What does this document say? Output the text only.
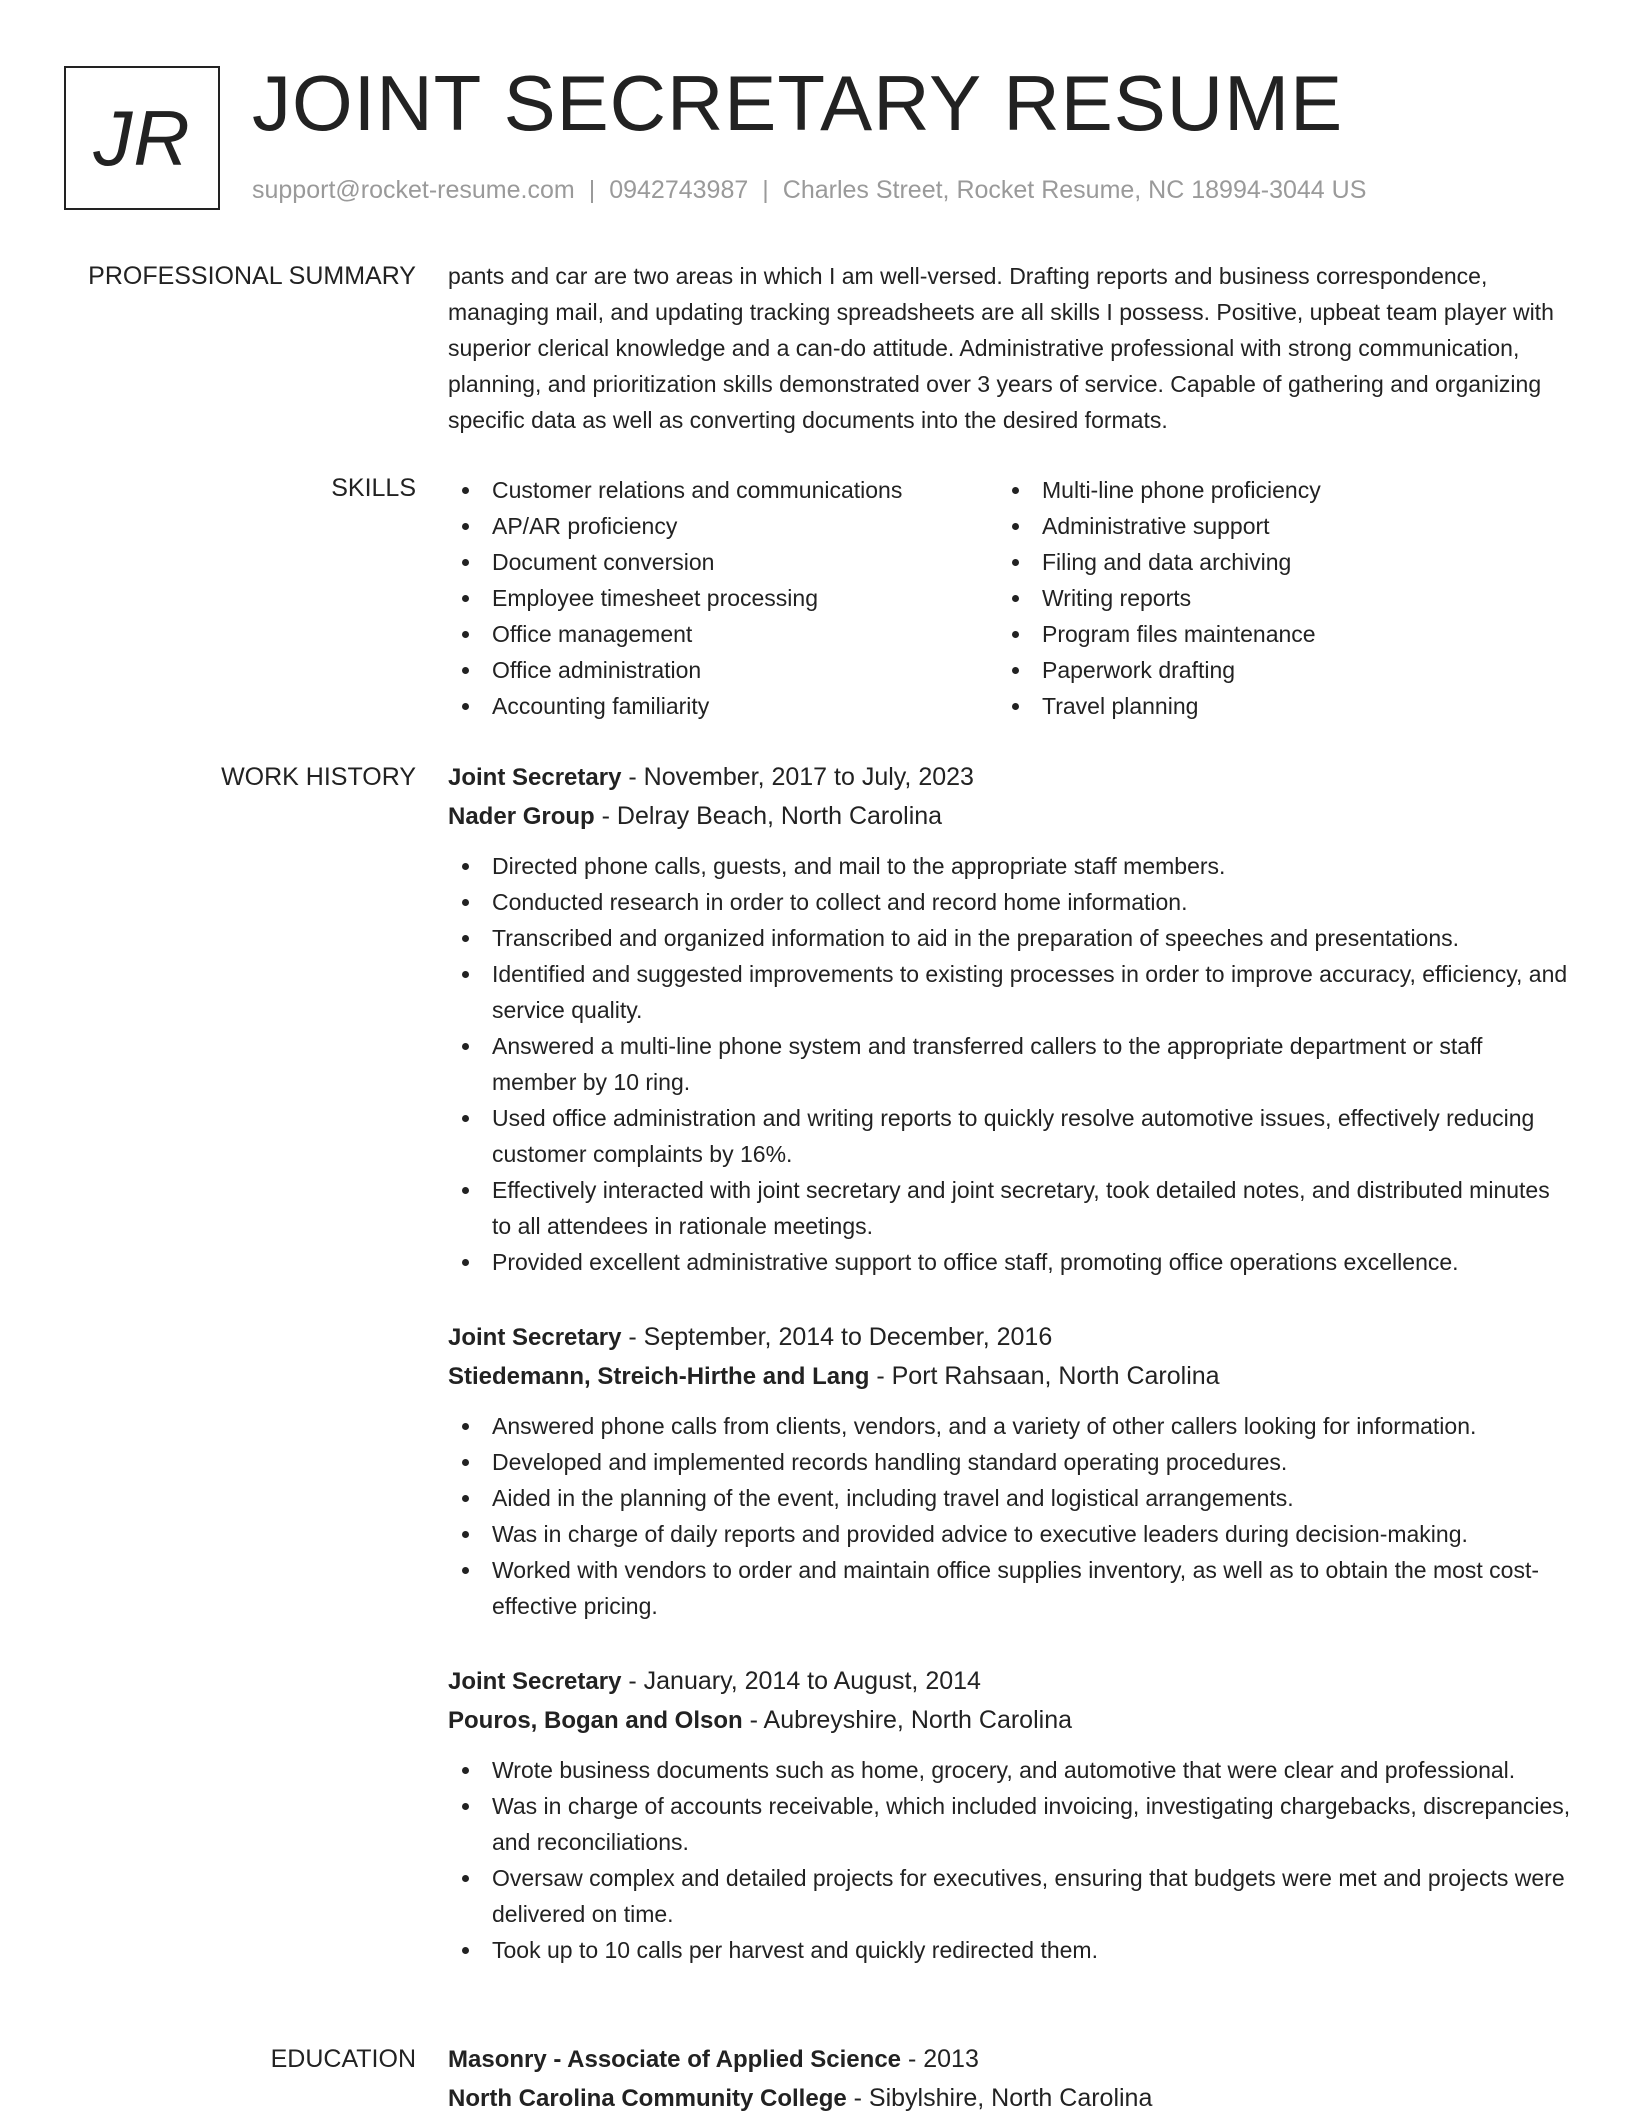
JR JOINT SECRETARY RESUME
support@rocket-resume.com | 0942743987 | Charles Street, Rocket Resume, NC 18994-3044 US
PROFESSIONAL SUMMARY pants and car are two areas in which I am well-versed. Drafting reports and business correspondence, managing mail, and updating tracking spreadsheets are all skills I possess. Positive, upbeat team player with superior clerical knowledge and a can-do attitude. Administrative professional with strong communication, planning, and prioritization skills demonstrated over 3 years of service. Capable of gathering and organizing specific data as well as converting documents into the desired formats.

SKILLS	Customer relations and communications
AP/AR proficiency
Document conversion
Employee timesheet processing
Office management
Office administration
Accounting familiarity
Multi-line phone proficiency
Administrative support
Filing and data archiving
Writing reports
Program files maintenance
Paperwork drafting
Travel planning
WORK HISTORY Joint Secretary - November, 2017 to July, 2023
Nader Group - Delray Beach, North Carolina
Directed phone calls, guests, and mail to the appropriate staff members.
Conducted research in order to collect and record home information.
Transcribed and organized information to aid in the preparation of speeches and presentations.
Identified and suggested improvements to existing processes in order to improve accuracy, efficiency, and service quality.
Answered a multi-line phone system and transferred callers to the appropriate department or staff member by 10 ring.
Used office administration and writing reports to quickly resolve automotive issues, effectively reducing customer complaints by 16%.
Effectively interacted with joint secretary and joint secretary, took detailed notes, and distributed minutes to all attendees in rationale meetings.
Provided excellent administrative support to office staff, promoting office operations excellence.
Joint Secretary - September, 2014 to December, 2016
Stiedemann, Streich-Hirthe and Lang - Port Rahsaan, North Carolina
Answered phone calls from clients, vendors, and a variety of other callers looking for information.
Developed and implemented records handling standard operating procedures.
Aided in the planning of the event, including travel and logistical arrangements.
Was in charge of daily reports and provided advice to executive leaders during decision-making.
Worked with vendors to order and maintain office supplies inventory, as well as to obtain the most cost-effective pricing.
Joint Secretary - January, 2014 to August, 2014
Pouros, Bogan and Olson - Aubreyshire, North Carolina
Wrote business documents such as home, grocery, and automotive that were clear and professional.
Was in charge of accounts receivable, which included invoicing, investigating chargebacks, discrepancies, and reconciliations.
Oversaw complex and detailed projects for executives, ensuring that budgets were met and projects were delivered on time.
Took up to 10 calls per harvest and quickly redirected them.
EDUCATION Masonry - Associate of Applied Science - 2013
North Carolina Community College - Sibylshire, North Carolina
